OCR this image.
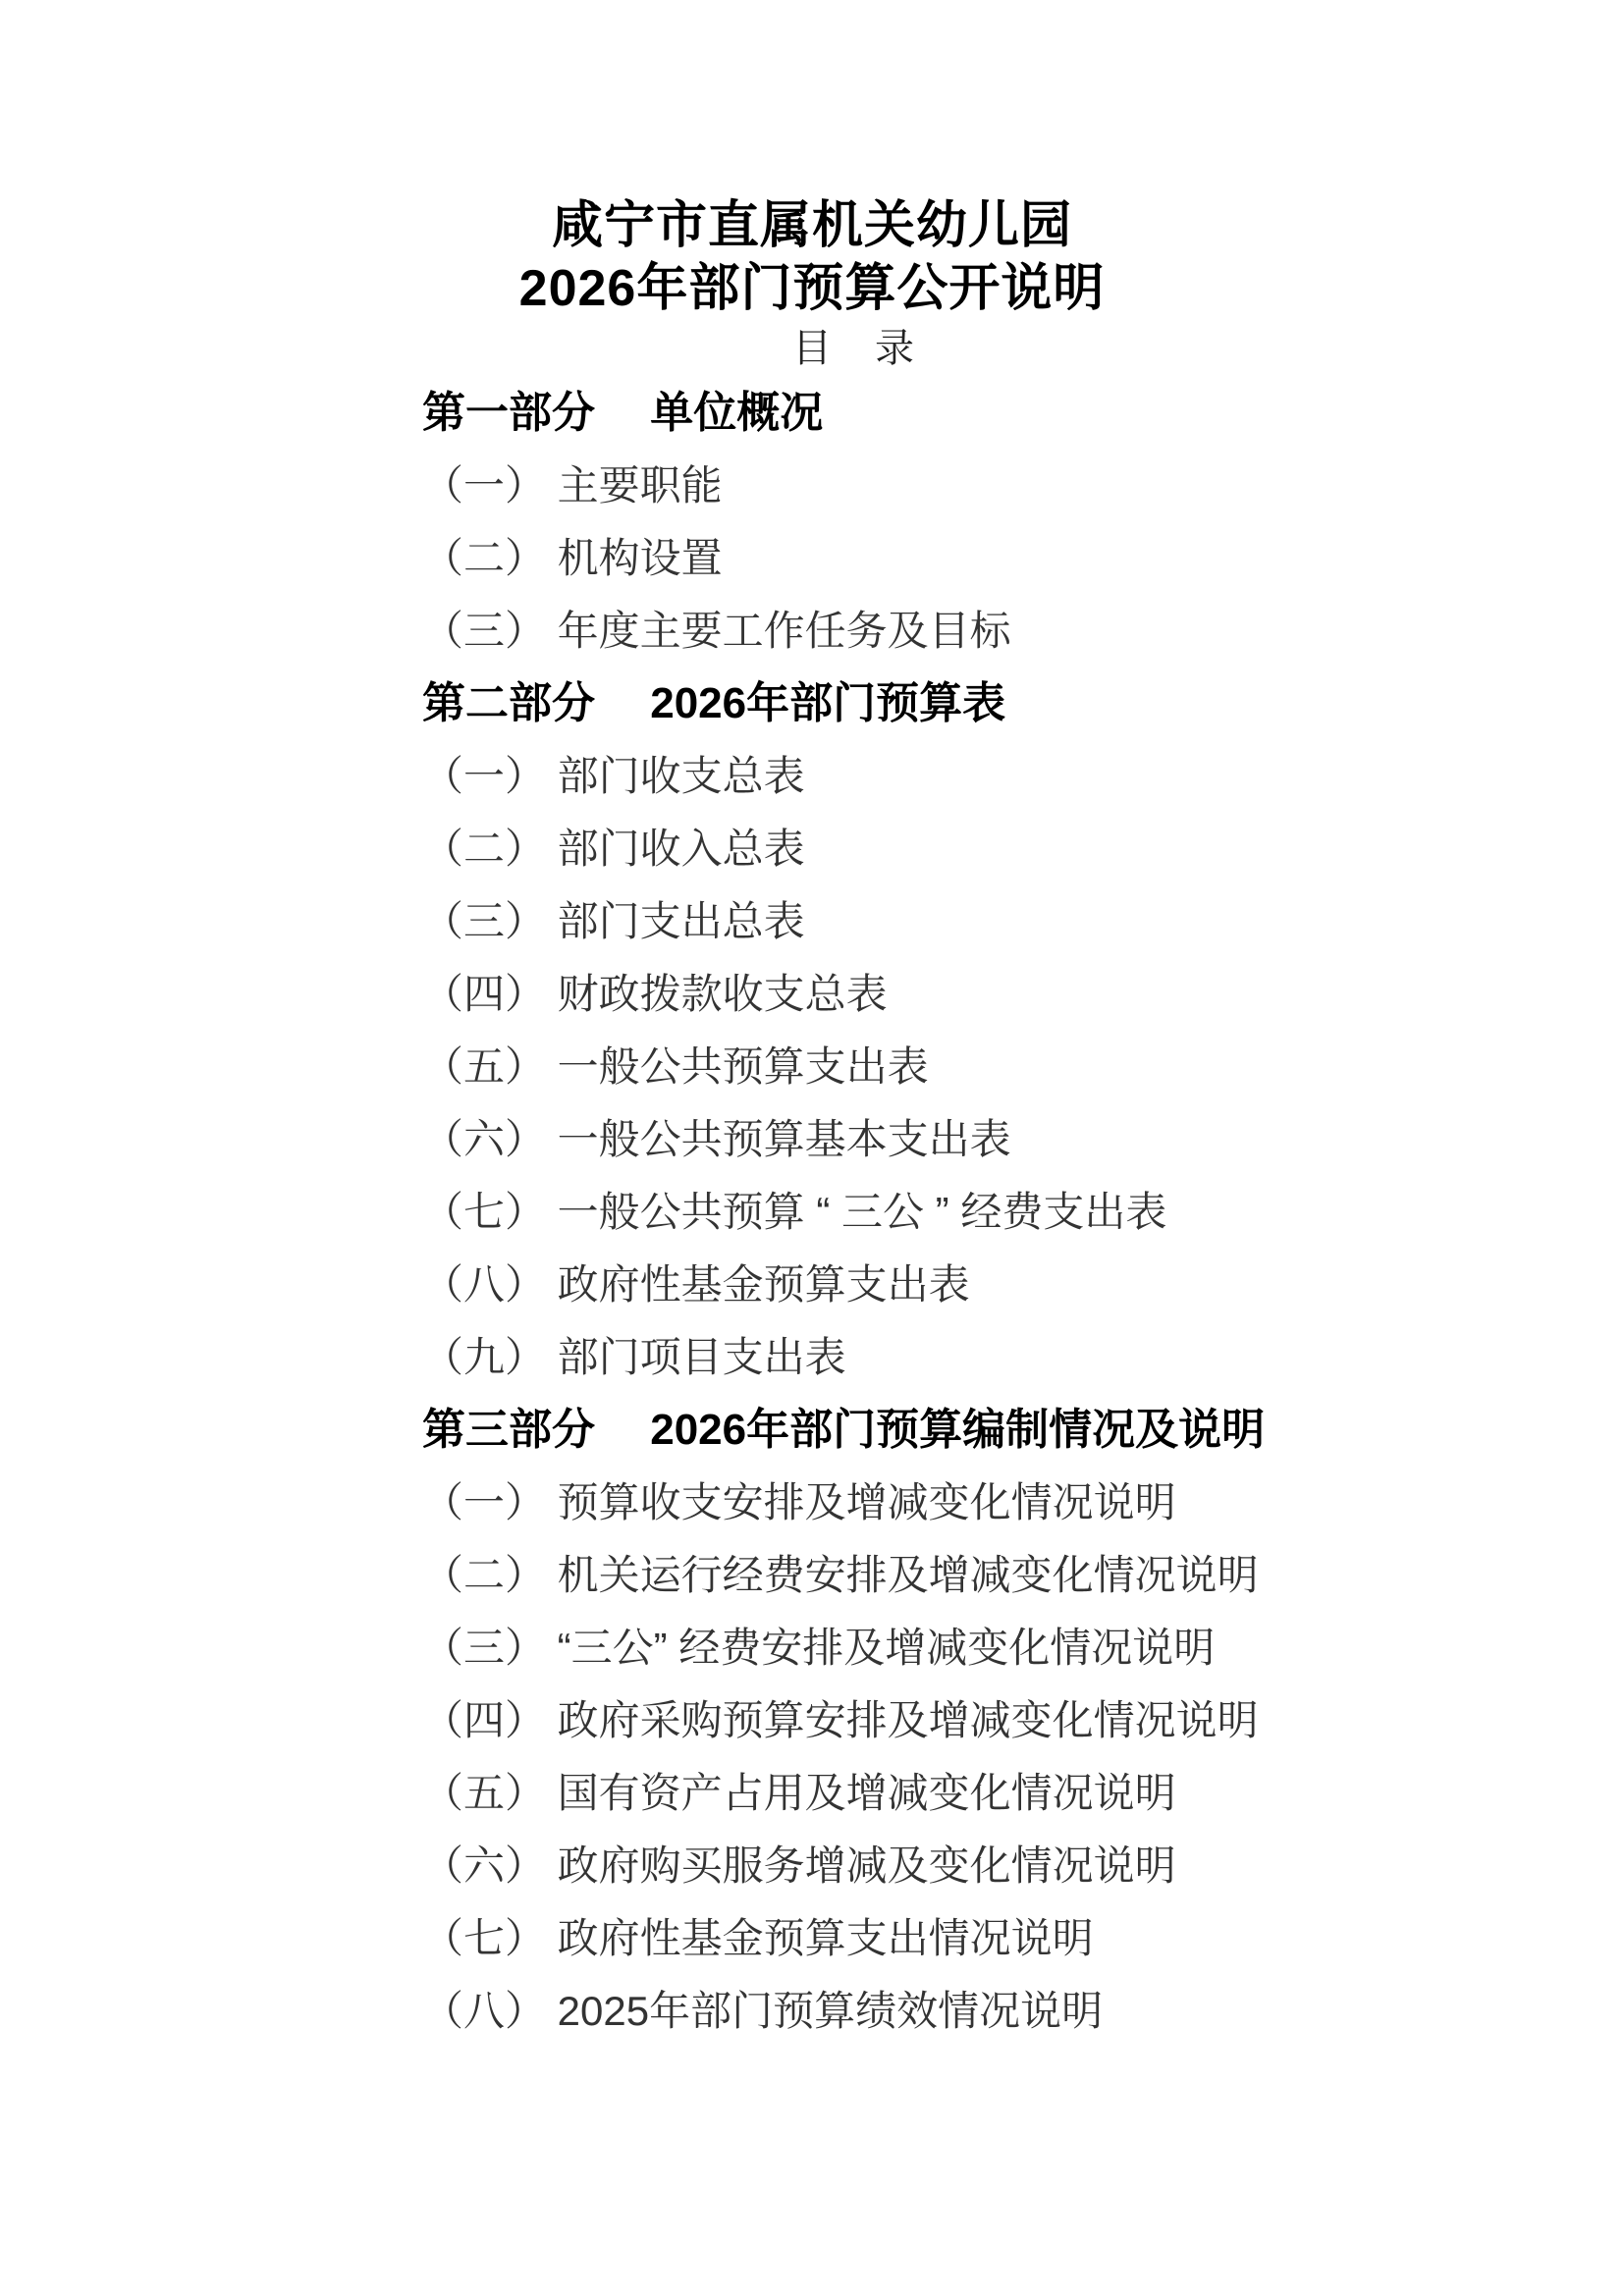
咸宁市直属机关幼儿园
2026年部门预算公开说明
目　录
第一部分　 单位概况
（一） 主要职能
（二） 机构设置
（三） 年度主要工作任务及目标
第二部分　 2026年部门预算表
（一） 部门收支总表
（二） 部门收入总表
（三） 部门支出总表
（四） 财政拨款收支总表
（五） 一般公共预算支出表
（六） 一般公共预算基本支出表
（七） 一般公共预算 “ 三公 ” 经费支出表
（八） 政府性基金预算支出表
（九） 部门项目支出表
第三部分　 2026年部门预算编制情况及说明
（一） 预算收支安排及增减变化情况说明
（二） 机关运行经费安排及增减变化情况说明
（三） “三公” 经费安排及增减变化情况说明
（四） 政府采购预算安排及增减变化情况说明
（五） 国有资产占用及增减变化情况说明
（六） 政府购买服务增减及变化情况说明
（七） 政府性基金预算支出情况说明
（八） 2025年部门预算绩效情况说明
